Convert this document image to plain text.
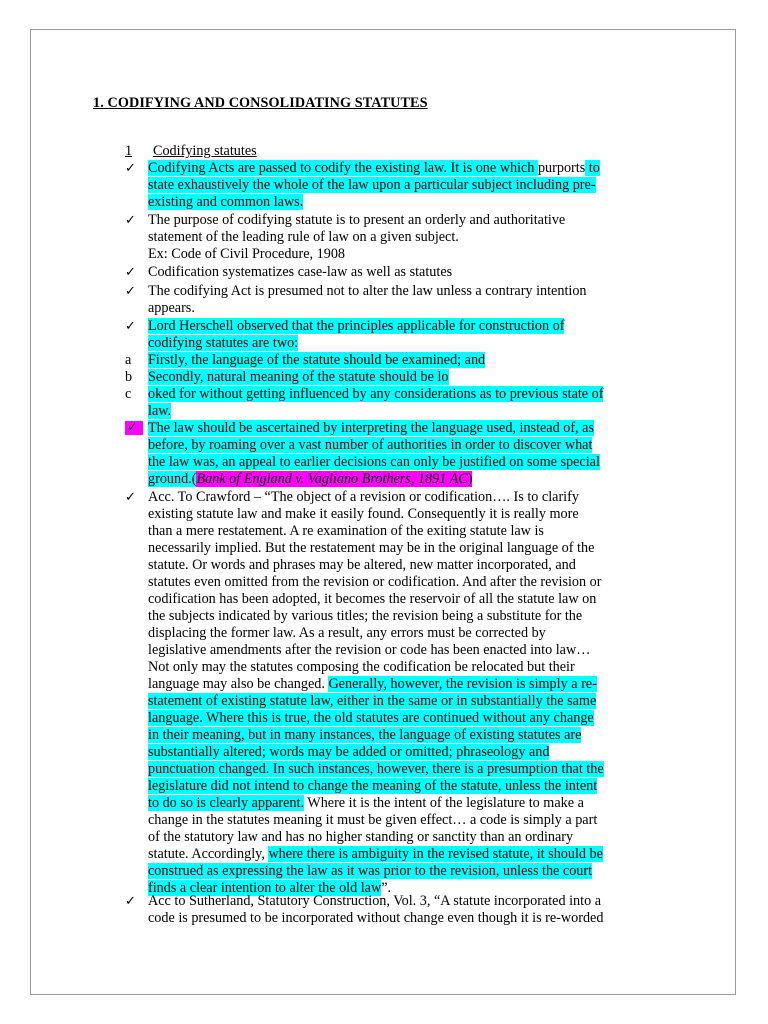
1. CODIFYING AND CONSOLIDATING STATUTES
1	Codifying statutes
✓ Codifying Acts are passed to codify the existing law. It is one which purports to
state exhaustively the whole of the law upon a particular subject including pre-
existing and common laws.
✓ The purpose of codifying statute is to present an orderly and authoritative
statement of the leading rule of law on a given subject.
Ex: Code of Civil Procedure, 1908
✓ Codification systematizes case-law as well as statutes
✓ The codifying Act is presumed not to alter the law unless a contrary intention
appears.
✓ Lord Herschell observed that the principles applicable for construction of
codifying statutes are two:
a	Firstly, the language of the statute should be examined; and
b	Secondly, natural meaning of the statute should be lo
c	oked for without getting influenced by any considerations as to previous state of
law.
✓ The law should be ascertained by interpreting the language used, instead of, as
before, by roaming over a vast number of authorities in order to discover what
the law was, an appeal to earlier decisions can only be justified on some special
ground.(Bank of England v. Vagliano Brothers, 1891 AC)
✓ Acc. To Crawford – “The object of a revision or codification…. Is to clarify
existing statute law and make it easily found. Consequently it is really more
than a mere restatement. A re examination of the exiting statute law is
necessarily implied. But the restatement may be in the original language of the
statute. Or words and phrases may be altered, new matter incorporated, and
statutes even omitted from the revision or codification. And after the revision or
codification has been adopted, it becomes the reservoir of all the statute law on
the subjects indicated by various titles; the revision being a substitute for the
displacing the former law. As a result, any errors must be corrected by
legislative amendments after the revision or code has been enacted into law…
Not only may the statutes composing the codification be relocated but their
language may also be changed. Generally, however, the revision is simply a re-
statement of existing statute law, either in the same or in substantially the same
language. Where this is true, the old statutes are continued without any change
in their meaning, but in many instances, the language of existing statutes are
substantially altered; words may be added or omitted; phraseology and
punctuation changed. In such instances, however, there is a presumption that the
legislature did not intend to change the meaning of the statute, unless the intent
to do so is clearly apparent. Where it is the intent of the legislature to make a
change in the statutes meaning it must be given effect… a code is simply a part
of the statutory law and has no higher standing or sanctity than an ordinary
statute. Accordingly, where there is ambiguity in the revised statute, it should be
construed as expressing the law as it was prior to the revision, unless the court
finds a clear intention to alter the old law”.
✓ Acc to Sutherland, Statutory Construction, Vol. 3, “A statute incorporated into a
code is presumed to be incorporated without change even though it is re-worded
